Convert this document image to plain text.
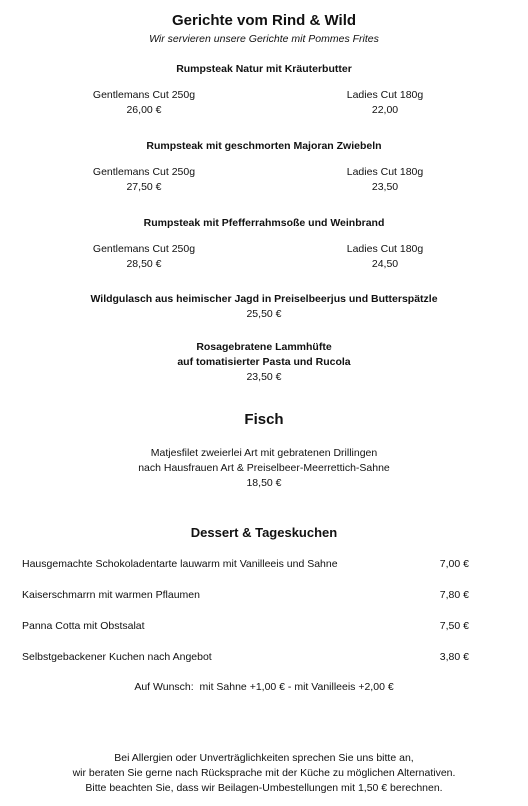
Gerichte vom Rind & Wild
Wir servieren unsere Gerichte mit Pommes Frites
Rumpsteak Natur mit Kräuterbutter
Gentlemans Cut 250g
26,00 €
Ladies Cut 180g
22,00
Rumpsteak mit geschmorten Majoran Zwiebeln
Gentlemans Cut 250g
27,50 €
Ladies Cut 180g
23,50
Rumpsteak mit Pfefferrahmsoße und Weinbrand
Gentlemans Cut 250g
28,50 €
Ladies Cut 180g
24,50
Wildgulasch aus heimischer Jagd in Preiselbeerjus und Butterspätzle
25,50 €
Rosagebratene Lammhüfte
auf tomatisierter Pasta und Rucola
23,50 €
Fisch
Matjesfilet zweierlei Art mit gebratenen Drillingen
nach Hausfrauen Art & Preiselbeer-Meerrettich-Sahne
18,50 €
Dessert & Tageskuchen
Hausgemachte Schokoladentarte lauwarm mit Vanilleeis und Sahne	7,00 €
Kaiserschmarrn mit warmen Pflaumen	7,80 €
Panna Cotta mit Obstsalat	7,50 €
Selbstgebackener Kuchen nach Angebot	3,80 €
Auf Wunsch:  mit Sahne +1,00 € - mit Vanilleeis +2,00 €
Bei Allergien oder Unverträglichkeiten sprechen Sie uns bitte an,
wir beraten Sie gerne nach Rücksprache mit der Küche zu möglichen Alternativen.
Bitte beachten Sie, dass wir Beilagen-Umbestellungen mit 1,50 € berechnen.
